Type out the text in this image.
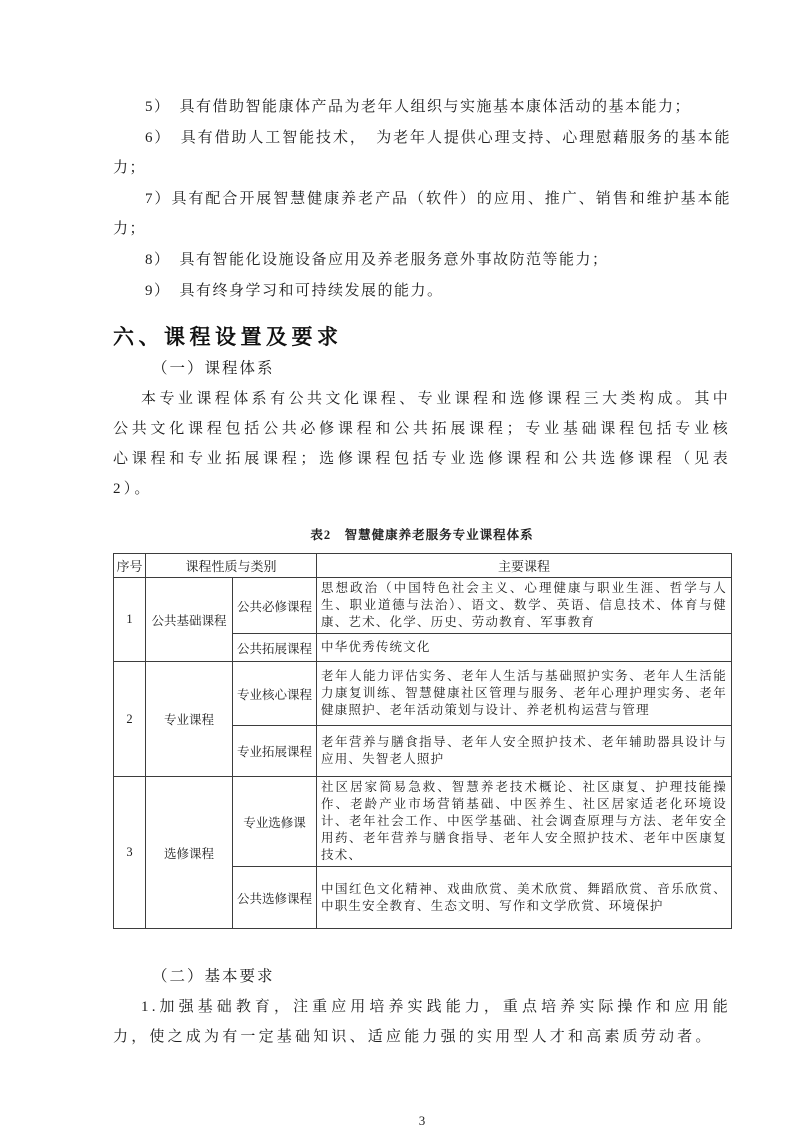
5）　具有借助智能康体产品为老年人组织与实施基本康体活动的基本能力；

6）　具有借助人工智能技术，　为老年人提供心理支持、心理慰藉服务的基本能力；

7）具有配合开展智慧健康养老产品（软件）的应用、推广、销售和维护基本能力；

8）　具有智能化设施设备应用及养老服务意外事故防范等能力；

9）　具有终身学习和可持续发展的能力。

六、课程设置及要求

（一）课程体系

本专业课程体系有公共文化课程、专业课程和选修课程三大类构成。其中公共文化课程包括公共必修课程和公共拓展课程；专业基础课程包括专业核心课程和专业拓展课程；选修课程包括专业选修课程和公共选修课程（见表2）。

表2　智慧健康养老服务专业课程体系
序号	课程性质与类别		主要课程
1	公共基础课程	公共必修课程	思想政治（中国特色社会主义、心理健康与职业生涯、哲学与人生、职业道德与法治）、语文、数学、英语、信息技术、体育与健康、艺术、化学、历史、劳动教育、军事教育
		公共拓展课程	中华优秀传统文化
2	专业课程	专业核心课程	老年人能力评估实务、老年人生活与基础照护实务、老年人生活能力康复训练、智慧健康社区管理与服务、老年心理护理实务、老年健康照护、老年活动策划与设计、养老机构运营与管理
		专业拓展课程	老年营养与膳食指导、老年人安全照护技术、老年辅助器具设计与应用、失智老人照护
3	选修课程	专业选修课	社区居家简易急救、智慧养老技术概论、社区康复、护理技能操作、老龄产业市场营销基础、中医养生、社区居家适老化环境设计、老年社会工作、中医学基础、社会调查原理与方法、老年安全用药、老年营养与膳食指导、老年人安全照护技术、老年中医康复技术、
		公共选修课程	中国红色文化精神、戏曲欣赏、美术欣赏、舞蹈欣赏、音乐欣赏、中职生安全教育、生态文明、写作和文学欣赏、环境保护

（二）基本要求

1.加强基础教育，注重应用培养实践能力，重点培养实际操作和应用能力，使之成为有一定基础知识、适应能力强的实用型人才和高素质劳动者。

3
